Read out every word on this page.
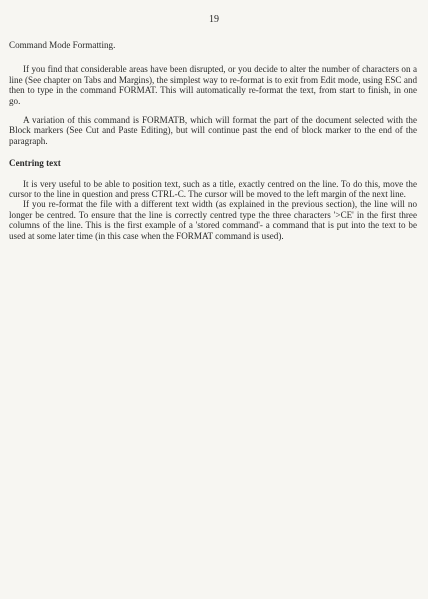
19
Command Mode Formatting.

If you find that considerable areas have been disrupted, or you decide to alter the number of characters on a line (See chapter on Tabs and Margins), the simplest way to re-format is to exit from Edit mode, using ESC and then to type in the command FORMAT. This will automatically re-format the text, from start to finish, in one go.

A variation of this command is FORMATB, which will format the part of the document selected with the Block markers (See Cut and Paste Editing), but will continue past the end of block marker to the end of the paragraph.

Centring text

It is very useful to be able to position text, such as a title, exactly centred on the line. To do this, move the cursor to the line in question and press CTRL-C. The cursor will be moved to the left margin of the next line.

If you re-format the file with a different text width (as explained in the previous section), the line will no longer be centred. To ensure that the line is correctly centred type the three characters '>CE' in the first three columns of the line. This is the first example of a 'stored command'- a command that is put into the text to be used at some later time (in this case when the FORMAT command is used).
